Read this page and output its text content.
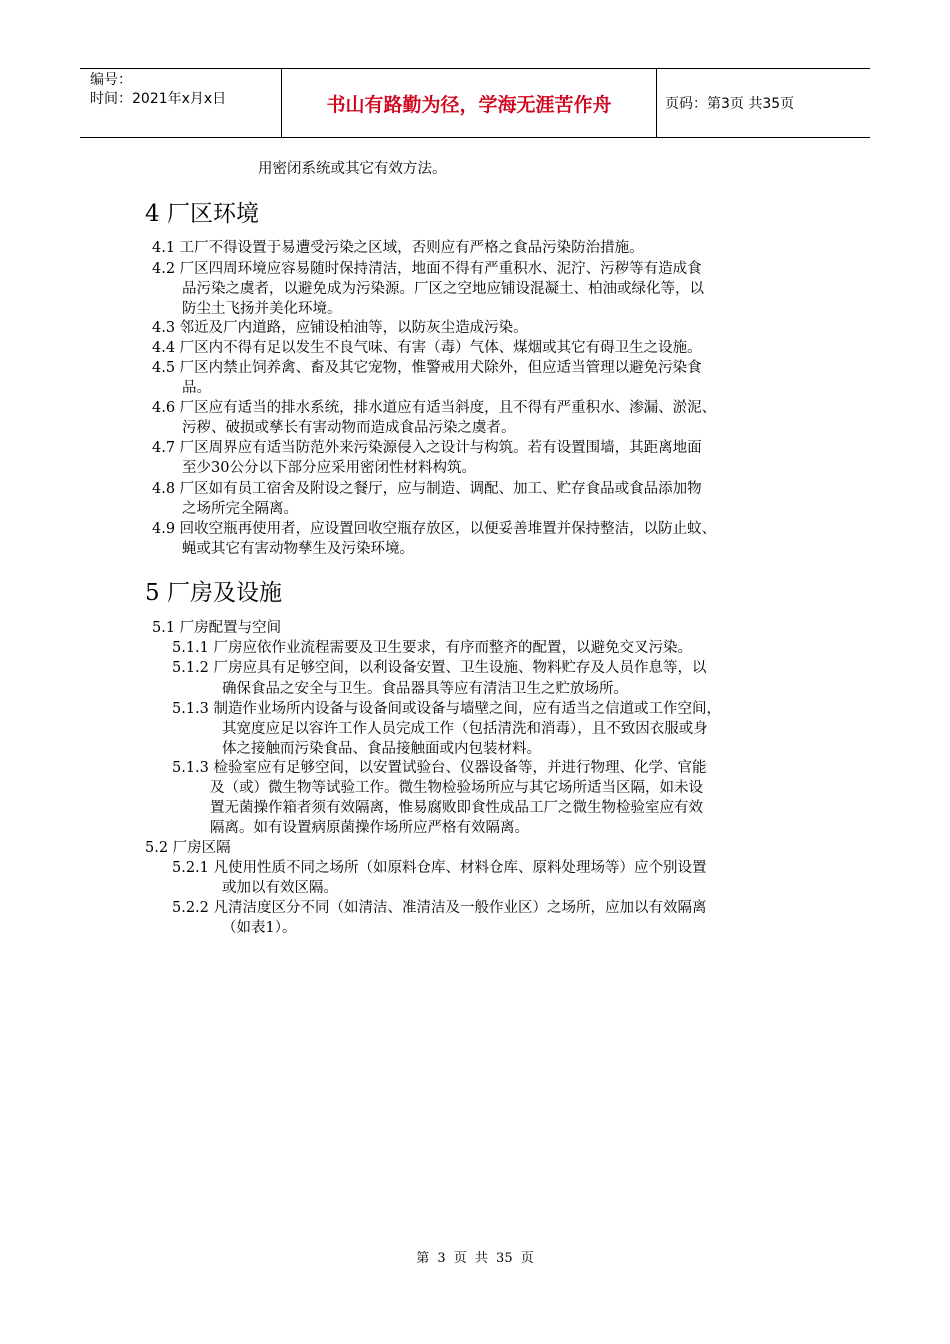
编号：
时间：2021年x月x日	书山有路勤为径，学海无涯苦作舟	页码：第3页 共35页
用密闭系统或其它有效方法。
4 厂区环境
4.1 工厂不得设置于易遭受污染之区域，否则应有严格之食品污染防治措施。
4.2 厂区四周环境应容易随时保持清洁，地面不得有严重积水、泥泞、污秽等有造成食
品污染之虞者，以避免成为污染源。厂区之空地应铺设混凝土、柏油或绿化等，以
防尘土飞扬并美化环境。
4.3 邻近及厂内道路，应铺设柏油等，以防灰尘造成污染。
4.4 厂区内不得有足以发生不良气味、有害（毒）气体、煤烟或其它有碍卫生之设施。
4.5 厂区内禁止饲养禽、畜及其它宠物，惟警戒用犬除外，但应适当管理以避免污染食
品。
4.6 厂区应有适当的排水系统，排水道应有适当斜度，且不得有严重积水、渗漏、淤泥、
污秽、破损或孳长有害动物而造成食品污染之虞者。
4.7 厂区周界应有适当防范外来污染源侵入之设计与构筑。若有设置围墙，其距离地面
至少30公分以下部分应采用密闭性材料构筑。
4.8 厂区如有员工宿舍及附设之餐厅，应与制造、调配、加工、贮存食品或食品添加物
之场所完全隔离。
4.9 回收空瓶再使用者，应设置回收空瓶存放区，以便妥善堆置并保持整洁，以防止蚊、
蝇或其它有害动物孳生及污染环境。
5 厂房及设施
5.1 厂房配置与空间
5.1.1 厂房应依作业流程需要及卫生要求，有序而整齐的配置，以避免交叉污染。
5.1.2 厂房应具有足够空间，以利设备安置、卫生设施、物料贮存及人员作息等，以
确保食品之安全与卫生。食品器具等应有清洁卫生之贮放场所。
5.1.3 制造作业场所内设备与设备间或设备与墙壁之间，应有适当之信道或工作空间，
其宽度应足以容许工作人员完成工作（包括清洗和消毒），且不致因衣服或身
体之接触而污染食品、食品接触面或内包装材料。
5.1.3 检验室应有足够空间，以安置试验台、仪器设备等，并进行物理、化学、官能
及（或）微生物等试验工作。微生物检验场所应与其它场所适当区隔，如未设
置无菌操作箱者须有效隔离，惟易腐败即食性成品工厂之微生物检验室应有效
隔离。如有设置病原菌操作场所应严格有效隔离。
5.2 厂房区隔
5.2.1 凡使用性质不同之场所（如原料仓库、材料仓库、原料处理场等）应个别设置
或加以有效区隔。
5.2.2 凡清洁度区分不同（如清洁、准清洁及一般作业区）之场所，应加以有效隔离
（如表1）。
第 3 页 共 35 页
